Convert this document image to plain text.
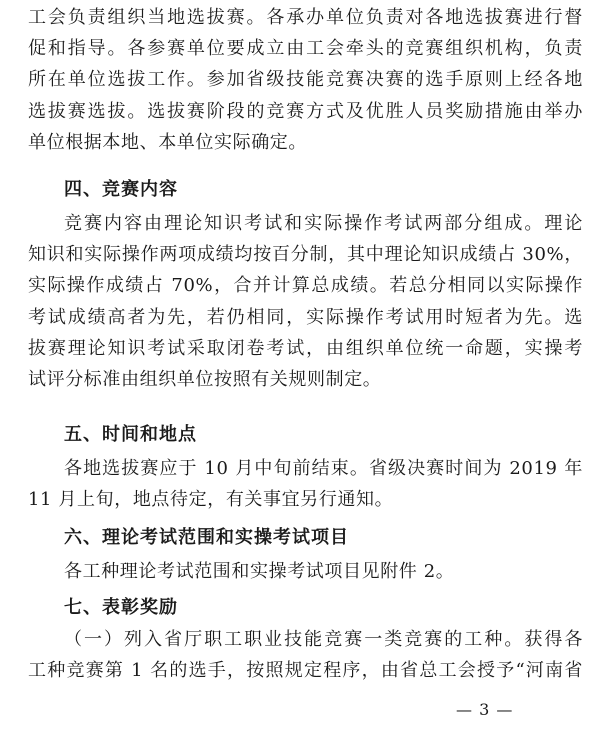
工会负责组织当地选拔赛。各承办单位负责对各地选拔赛进行督
促和指导。各参赛单位要成立由工会牵头的竞赛组织机构，负责
所在单位选拔工作。参加省级技能竞赛决赛的选手原则上经各地
选拔赛选拔。选拔赛阶段的竞赛方式及优胜人员奖励措施由举办
单位根据本地、本单位实际确定。
四、竞赛内容
竞赛内容由理论知识考试和实际操作考试两部分组成。理论
知识和实际操作两项成绩均按百分制，其中理论知识成绩占 30%，
实际操作成绩占 70%，合并计算总成绩。若总分相同以实际操作
考试成绩高者为先，若仍相同，实际操作考试用时短者为先。选
拔赛理论知识考试采取闭卷考试，由组织单位统一命题，实操考
试评分标准由组织单位按照有关规则制定。
五、时间和地点
各地选拔赛应于 10 月中旬前结束。省级决赛时间为 2019 年
11 月上旬，地点待定，有关事宜另行通知。
六、理论考试范围和实操考试项目
各工种理论考试范围和实操考试项目见附件 2。
七、表彰奖励
（一）列入省厅职工职业技能竞赛一类竞赛的工种。获得各
工种竞赛第 1 名的选手，按照规定程序，由省总工会授予“河南省
— 3 —
